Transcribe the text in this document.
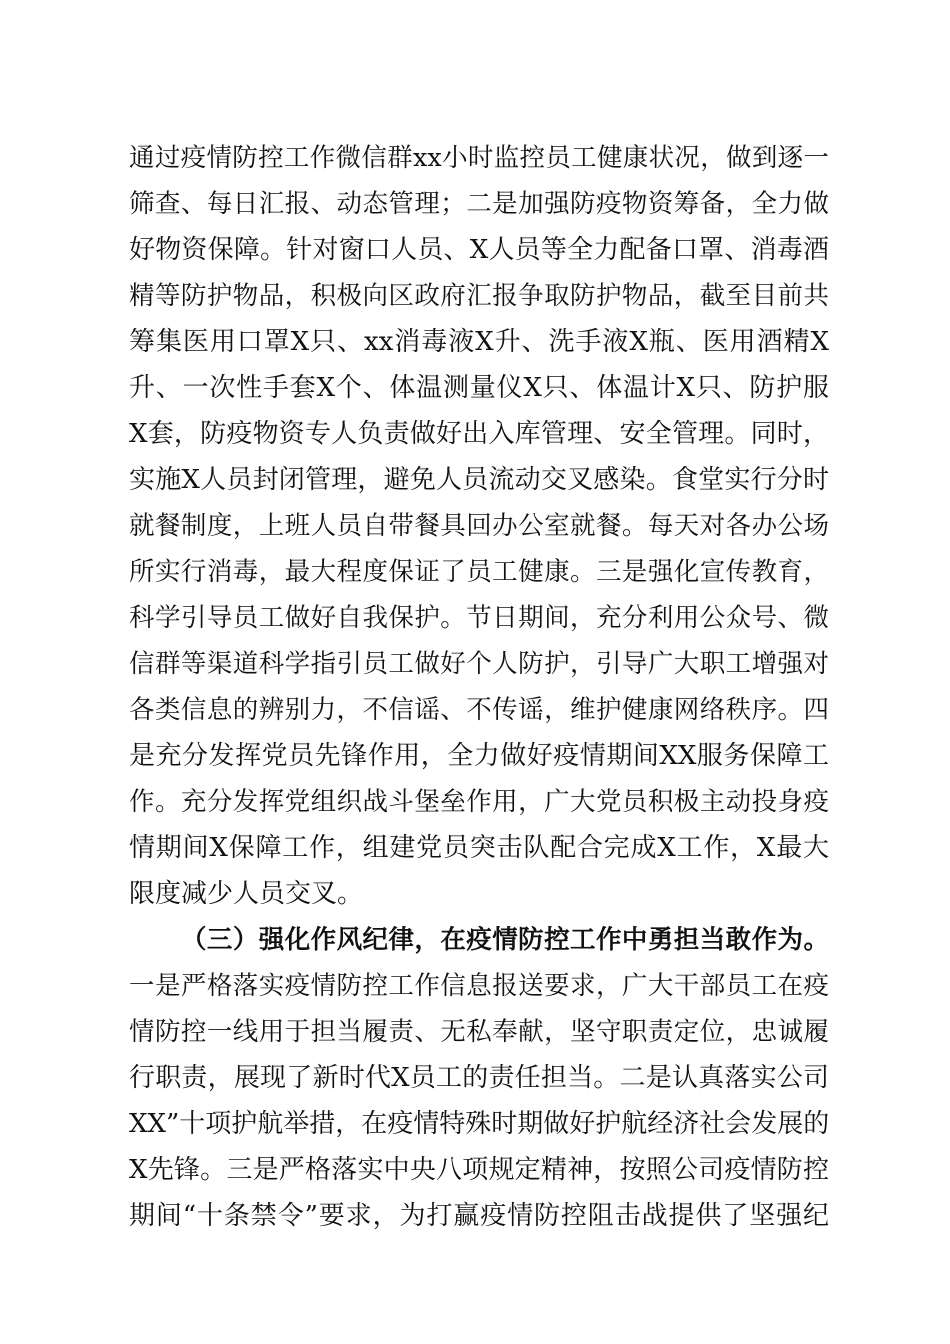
通过疫情防控工作微信群xx小时监控员工健康状况，做到逐一
筛查、每日汇报、动态管理；二是加强防疫物资筹备，全力做
好物资保障。针对窗口人员、X人员等全力配备口罩、消毒酒
精等防护物品，积极向区政府汇报争取防护物品，截至目前共
筹集医用口罩X只、xx消毒液X升、洗手液X瓶、医用酒精X
升、一次性手套X个、体温测量仪X只、体温计X只、防护服
X套，防疫物资专人负责做好出入库管理、安全管理。同时，
实施X人员封闭管理，避免人员流动交叉感染。食堂实行分时
就餐制度，上班人员自带餐具回办公室就餐。每天对各办公场
所实行消毒，最大程度保证了员工健康。三是强化宣传教育，
科学引导员工做好自我保护。节日期间，充分利用公众号、微
信群等渠道科学指引员工做好个人防护，引导广大职工增强对
各类信息的辨别力，不信谣、不传谣，维护健康网络秩序。四
是充分发挥党员先锋作用，全力做好疫情期间XX服务保障工
作。充分发挥党组织战斗堡垒作用，广大党员积极主动投身疫
情期间X保障工作，组建党员突击队配合完成X工作，X最大
限度减少人员交叉。
（三）强化作风纪律，在疫情防控工作中勇担当敢作为。
一是严格落实疫情防控工作信息报送要求，广大干部员工在疫
情防控一线用于担当履责、无私奉献，坚守职责定位，忠诚履
行职责，展现了新时代X员工的责任担当。二是认真落实公司
XX”十项护航举措，在疫情特殊时期做好护航经济社会发展的
X先锋。三是严格落实中央八项规定精神，按照公司疫情防控
期间“十条禁令”要求，为打赢疫情防控阻击战提供了坚强纪
